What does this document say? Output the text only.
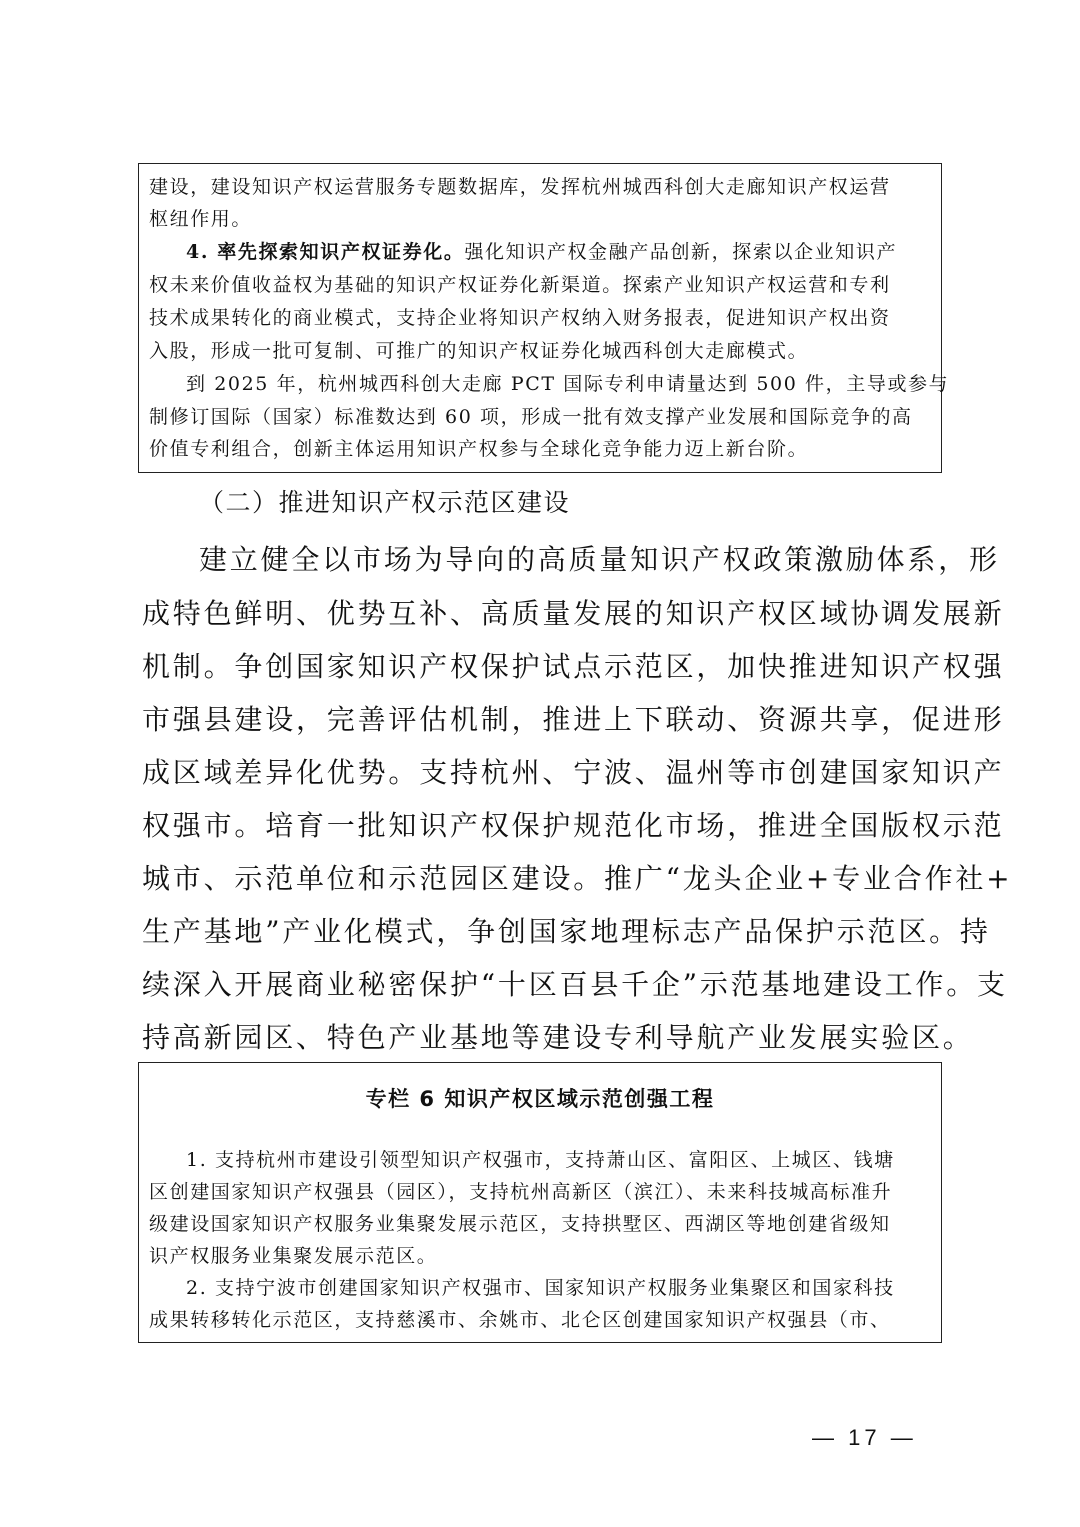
建设，建设知识产权运营服务专题数据库，发挥杭州城西科创大走廊知识产权运营
枢纽作用。
4. 率先探索知识产权证券化。强化知识产权金融产品创新，探索以企业知识产
权未来价值收益权为基础的知识产权证券化新渠道。探索产业知识产权运营和专利
技术成果转化的商业模式，支持企业将知识产权纳入财务报表，促进知识产权出资
入股，形成一批可复制、可推广的知识产权证券化城西科创大走廊模式。
到 2025 年，杭州城西科创大走廊 PCT 国际专利申请量达到 500 件，主导或参与
制修订国际（国家）标准数达到 60 项，形成一批有效支撑产业发展和国际竞争的高
价值专利组合，创新主体运用知识产权参与全球化竞争能力迈上新台阶。
（二）推进知识产权示范区建设
建立健全以市场为导向的高质量知识产权政策激励体系，形
成特色鲜明、优势互补、高质量发展的知识产权区域协调发展新
机制。争创国家知识产权保护试点示范区，加快推进知识产权强
市强县建设，完善评估机制，推进上下联动、资源共享，促进形
成区域差异化优势。支持杭州、宁波、温州等市创建国家知识产
权强市。培育一批知识产权保护规范化市场，推进全国版权示范
城市、示范单位和示范园区建设。推广“龙头企业+专业合作社+
生产基地”产业化模式，争创国家地理标志产品保护示范区。持
续深入开展商业秘密保护“十区百县千企”示范基地建设工作。支
持高新园区、特色产业基地等建设专利导航产业发展实验区。
专栏 6 知识产权区域示范创强工程
1. 支持杭州市建设引领型知识产权强市，支持萧山区、富阳区、上城区、钱塘
区创建国家知识产权强县（园区），支持杭州高新区（滨江）、未来科技城高标准升
级建设国家知识产权服务业集聚发展示范区，支持拱墅区、西湖区等地创建省级知
识产权服务业集聚发展示范区。
2. 支持宁波市创建国家知识产权强市、国家知识产权服务业集聚区和国家科技
成果转移转化示范区，支持慈溪市、余姚市、北仑区创建国家知识产权强县（市、
— 17 —
